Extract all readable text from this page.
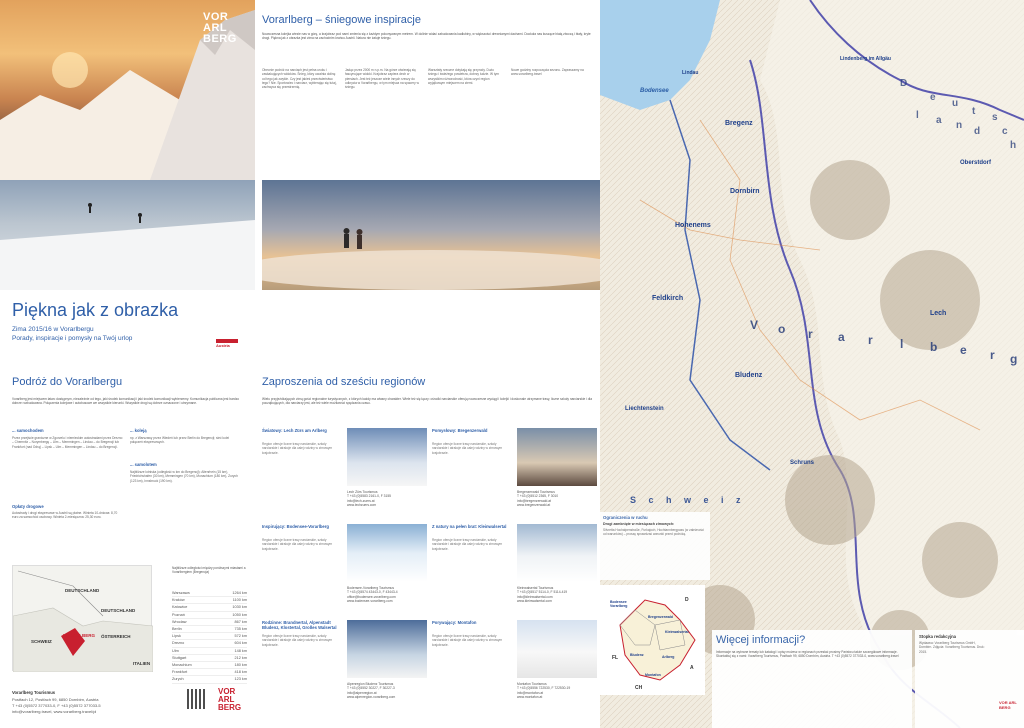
VOR
ARL
BERG
Piękna jak z obrazka
Zima 2015/16 w Vorarlbergu
Porady, inspiracje i pomysły na Twój urlop
Austria
Podróż do Vorarlbergu
Vorarlberg jest miejscem łatwo dostępnym, niezależnie od tego, jaki środek komunikacji i jaki środek komunikacji wybierzemy. Komunikacja publiczna jest bardzo dobrze rozbudowana. Połączenia kolejowe i autobusowe we wszystkie kierunki. Wszystkie drogi są dobrze oznaczone i utrzymane.
... samochodem
Przez przejście graniczne w Zgorzelu i niemieckim autostradami przez Drezno – Chemnitz – Norymbergę – Ulm – Memmingen – Lindau – do Bregencji lub Frankfurt (nad Odrą) – Lipsk – Ulm – Memmingen – Lindau – do Bregencji.
Opłaty drogowe
Autostrady i drogi ekspresowe w Austrii są płatne. Winieta 10-dniowa: 8,70 euro za samochód osobowy. Winieta 2-miesięczna: 25,30 euro.
... koleją
np. z Warszawy przez Wiedeń lub przez Berlin do Bregencji; sieć kolei połączeń ekspresowych.
... samolotem
Najbliższe lotniska (odległość w km do Bregencji): Altenrhein (15 km), Friedrichshafen (30 km), Memmingen (70 km), Monachium (180 km), Zurych (123 km), Innsbruck (190 km).
DEUTSCHLAND
SCHWEIZ
VORARLBERG ÖSTERREICH
ITALIEN
DEUTSCHLAND
Najbliższe odległości między poniższymi miastami a Vorarlbergiem (Bregencja)
Warszawa	1264 km
Kraków	1100 km
Katowice	1030 km
Poznań	1050 km
Wrocław	867 km
Berlin	735 km
Lipsk	572 km
Drezno	604 km
Ulm	148 km
Stuttgart	212 km
Monachium	180 km
Frankfurt	418 km
Zurych	123 km
Vorarlberg Tourismus
Postfach 12, Postfach 99, 6850 Dornbirn, Austria
T +43 (0)5572 377033-0, F +43 (0)5572 377033-5
info@vorarlberg.travel, www.vorarlberg.travel/pl
VOR
ARL
BERG
Vorarlberg – śniegowe inspiracje
Nowoczesna kolejka wiezie nas w górę, a krajobraz pod nami zmienia się z każdym pokonywanym metrem. W dolinie widać zabudowania kadłubiny, w większości drewnianymi dachami. Dookoła nas kuszące białą zboczą i biały, kryte drogi. Piękna jak z obrazka jest zima na zachodnim krańcu Austrii. Natura nie żałuje śniegu.
Obecnie podróż na narciach jest pełna uroku i zaskakujących widoków. Śnieg, który uwalnia dolinę od tego jak zwykle. Czy jest jakieś przeciwieństwo tego? Nie. Sportowiec i narciarz, wybierając się tutaj, zachwyca się przestrzenią.
Jadąc przez 2000 m n.p.m. Na górze otwierają się fascynujące widoki. Krajobraz zapiera dech w piersiach. Jest też jeszcze wiele innych rzeczy do odkrycia w Vorarlbergu, w tym miejsca na spacery w śniegu.
Warsztaty rzeczne dotykają się przyrody. Dużo śniegu i świeżego powietrza, dobrzy ludzie. W tym wszystkim różnorodność, która czyni region wyjątkowym miejscem na ziemi.
Nowe godziny rozpoczęcia sezonu. Zapraszamy na www.vorarlberg.travel
Zaproszenia od sześciu regionów
Wielu przyjeżdżających zimą gości regionalne turystycznych, z których każdy ma własny charakter. Wiele też się łączy: ośrodki narciarskie oferują nowoczesne wyciągi i kolejki i doskonale utrzymane trasy, liczne szkoły narciarskie i dla początkujących, dla narciarzy jest, ale też wiele możliwości spędzania czasu.
Światowy: Lech Zürs am Arlberg
Region oferuje liczne trasy narciarskie, szkoły narciarskie i atrakcje dla całej rodziny w zimowym krajobrazie.
Lech Zürs Tourismus
T +43 (0)5583 2161-0, F 3155
info@lech-zuers.at
www.lechzuers.com
Pomysłowy: Bregenzerwald
Region oferuje liczne trasy narciarskie, szkoły narciarskie i atrakcje dla całej rodziny w zimowym krajobrazie.
Bregenzerwald Tourismus
T +43 (0)5512 2365, F 3010
info@bregenzerwald.at
www.bregenzerwald.at
Inspirujący: Bodensee-Vorarlberg
Region oferuje liczne trasy narciarskie, szkoły narciarskie i atrakcje dla całej rodziny w zimowym krajobrazie.
Bodensee-Vorarlberg Tourismus
T +43 (0)5574 43443-0, F 43443-4
office@bodensee-vorarlberg.com
www.bodensee-vorarlberg.com
Z natury na pełen brat: Kleinwalsertal
Region oferuje liczne trasy narciarskie, szkoły narciarskie i atrakcje dla całej rodziny w zimowym krajobrazie.
Kleinwalsertal Tourismus
T +43 (0)5517 5114-0, F 5114-419
info@kleinwalsertal.com
www.kleinwalsertal.com
Rodzinne: Brandnertal, Alpenstadt Bludenz, Klostertal, Großes Walsertal
Region oferuje liczne trasy narciarskie, szkoły narciarskie i atrakcje dla całej rodziny w zimowym krajobrazie.
Alpenregion Bludenz Tourismus
T +43 (0)5552 30227, F 30227-3
info@alpenregion.at
www.alpenregion-vorarlberg.com
Porywający: Montafon
Region oferuje liczne trasy narciarskie, szkoły narciarskie i atrakcje dla całej rodziny w zimowym krajobrazie.
Montafon Tourismus
T +43 (0)5556 722530, F 722530-19
info@montafon.at
www.montafon.at
Bodensee
Lindau
Lindenberg im Allgäu
Bregenz
Dornbirn
Hohenems
Feldkirch
Bludenz
Lech
Schruns
Oberstdorf
V o r a r l b e r g
D
e
u
t
s
c
h
l a n
d
Liechtenstein
S c h w e i z
Ograniczenia w ruchu
Drogi zamknięte w miesiącach zimowych:
Silvretta Hochalpenstraße, Furkajoch, Hochtannbergpass (w zależności od warunków) – proszę sprawdzać warunki przed podróżą.
Bregenzerwald
Bodensee Vorarlberg
Kleinwalsertal
Arlberg
Montafon
Bludenz
D
A
CH
FL
Więcej informacji?
Informacje na wybrane tematy lub katalogi i opisy możesz w regionach przesłać prosimy Państwu także szczegółowe informacje. Skontaktuj się z nami: Vorarlberg Tourismus, Postfach 99, 6850 Dornbirn, Austria. T +43 (0)5572 377033-0, www.vorarlberg.travel
Stopka redakcyjna
Wydawca: Vorarlberg Tourismus GmbH, Dornbirn. Zdjęcia: Vorarlberg Tourismus. Druk: 2015.
VOR ARL BERG
